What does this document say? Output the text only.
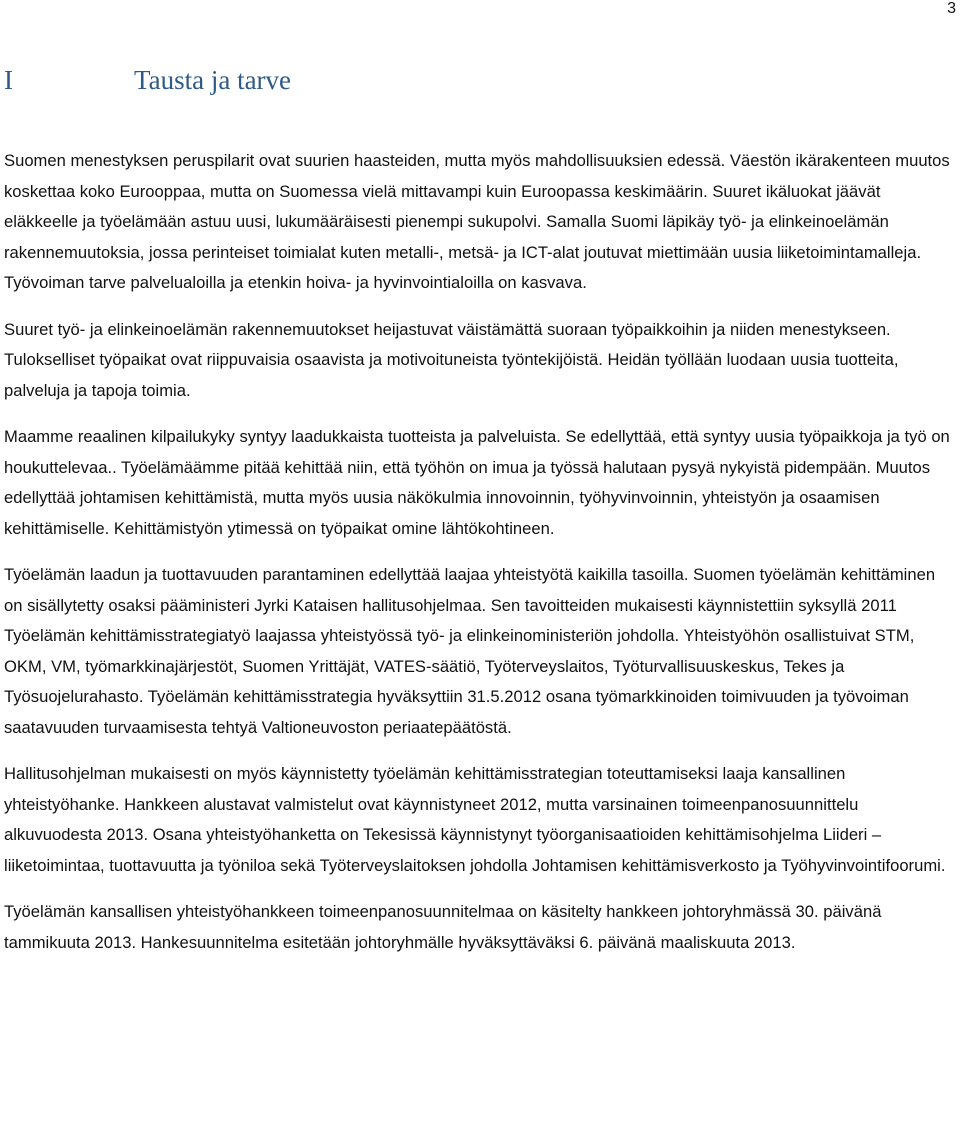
3
I	Tausta ja tarve

Suomen menestyksen peruspilarit ovat suurien haasteiden, mutta myös mahdollisuuksien edessä. Väestön ikärakenteen muutos koskettaa koko Eurooppaa, mutta on Suomessa vielä mittavampi kuin Euroopassa keskimäärin. Suuret ikäluokat jäävät eläkkeelle ja työelämään astuu uusi, lukumääräisesti pienempi sukupolvi. Samalla Suomi läpikäy työ- ja elinkeinoelämän rakennemuutoksia, jossa perinteiset toimialat kuten metalli-, metsä- ja ICT-alat joutuvat miettimään uusia liiketoimintamalleja. Työvoiman tarve palvelualoilla ja etenkin hoiva- ja hyvinvointialoilla on kasvava.

Suuret työ- ja elinkeinoelämän rakennemuutokset heijastuvat väistämättä suoraan työpaikkoihin ja niiden menestykseen. Tulokselliset työpaikat ovat riippuvaisia osaavista ja motivoituneista työntekijöistä. Heidän työllään luodaan uusia tuotteita, palveluja ja tapoja toimia.

Maamme reaalinen kilpailukyky syntyy laadukkaista tuotteista ja palveluista. Se edellyttää, että syntyy uusia työpaikkoja ja työ on houkuttelevaa.. Työelämäämme pitää kehittää niin, että työhön on imua ja työssä halutaan pysyä nykyistä pidempään. Muutos edellyttää johtamisen kehittämistä, mutta myös uusia näkökulmia innovoinnin, työhyvinvoinnin, yhteistyön ja osaamisen kehittämiselle. Kehittämistyön ytimessä on työpaikat omine lähtökohtineen.

Työelämän laadun ja tuottavuuden parantaminen edellyttää laajaa yhteistyötä kaikilla tasoilla. Suomen työelämän kehittäminen on sisällytetty osaksi pääministeri Jyrki Kataisen hallitusohjelmaa. Sen tavoitteiden mukaisesti käynnistettiin syksyllä 2011 Työelämän kehittämisstrategiatyö laajassa yhteistyössä työ- ja elinkeinoministeriön johdolla. Yhteistyöhön osallistuivat STM, OKM, VM, työmarkkinajärjestöt, Suomen Yrittäjät, VATES-säätiö, Työterveyslaitos, Työturvallisuuskeskus, Tekes ja Työsuojelurahasto. Työelämän kehittämisstrategia hyväksyttiin 31.5.2012 osana työmarkkinoiden toimivuuden ja työvoiman saatavuuden turvaamisesta tehtyä Valtioneuvoston periaatepäätöstä.

Hallitusohjelman mukaisesti on myös käynnistetty työelämän kehittämisstrategian toteuttamiseksi laaja kansallinen yhteistyöhanke. Hankkeen alustavat valmistelut ovat käynnistyneet 2012, mutta varsinainen toimeenpanosuunnittelu alkuvuodesta 2013. Osana yhteistyöhanketta on Tekesissä käynnistynyt työorganisaatioiden kehittämisohjelma Liideri –liiketoimintaa, tuottavuutta ja työniloa sekä Työterveyslaitoksen johdolla Johtamisen kehittämisverkosto ja Työhyvinvointifoorumi.

Työelämän kansallisen yhteistyöhankkeen toimeenpanosuunnitelmaa on käsitelty hankkeen johtoryhmässä 30. päivänä tammikuuta 2013. Hankesuunnitelma esitetään johtoryhmälle hyväksyttäväksi 6. päivänä maaliskuuta 2013.
